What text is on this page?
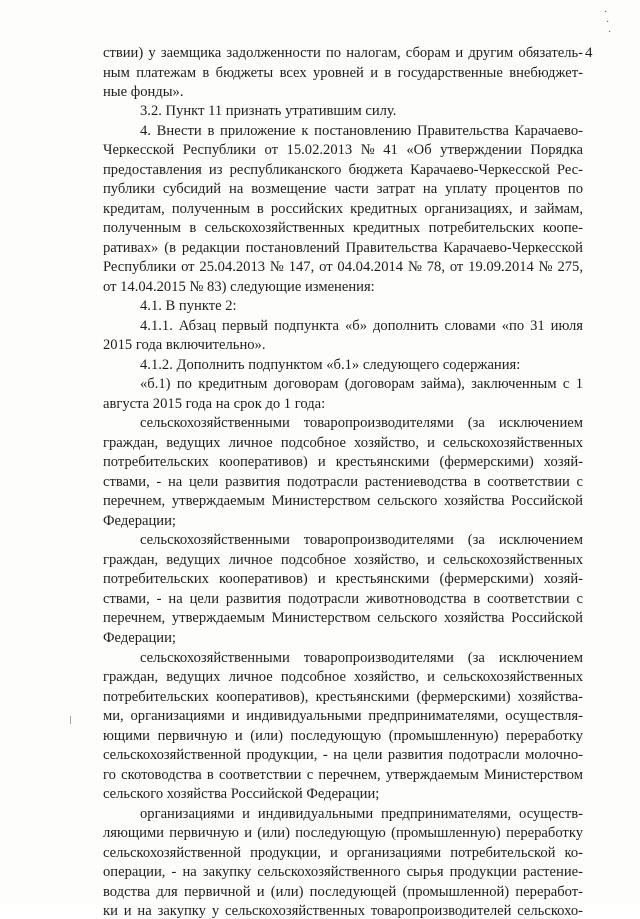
4
·
·
·
ствии) у заемщика задолженности по налогам, сборам и другим обязатель-
ным платежам в бюджеты всех уровней и в государственные внебюджет-
ные фонды».
3.2. Пункт 11 признать утратившим силу.
4. Внести в приложение к постановлению Правительства Карачаево-
Черкесской Республики от 15.02.2013 № 41 «Об утверждении Порядка
предоставления из республиканского бюджета Карачаево-Черкесской Рес-
публики субсидий на возмещение части затрат на уплату процентов по
кредитам, полученным в российских кредитных организациях, и займам,
полученным в сельскохозяйственных кредитных потребительских коопе-
ративах» (в редакции постановлений Правительства Карачаево-Черкесской
Республики от 25.04.2013 № 147, от 04.04.2014 № 78, от 19.09.2014 № 275,
от 14.04.2015 № 83) следующие изменения:
4.1. В пункте 2:
4.1.1. Абзац первый подпункта «б» дополнить словами «по 31 июля
2015 года включительно».
4.1.2. Дополнить подпунктом «б.1» следующего содержания:
«б.1) по кредитным договорам (договорам займа), заключенным с 1
августа 2015 года на срок до 1 года:
сельскохозяйственными товаропроизводителями (за исключением
граждан, ведущих личное подсобное хозяйство, и сельскохозяйственных
потребительских кооперативов) и крестьянскими (фермерскими) хозяй-
ствами, - на цели развития подотрасли растениеводства в соответствии с
перечнем, утверждаемым Министерством сельского хозяйства Российской
Федерации;
сельскохозяйственными товаропроизводителями (за исключением
граждан, ведущих личное подсобное хозяйство, и сельскохозяйственных
потребительских кооперативов) и крестьянскими (фермерскими) хозяй-
ствами, - на цели развития подотрасли животноводства в соответствии с
перечнем, утверждаемым Министерством сельского хозяйства Российской
Федерации;
сельскохозяйственными товаропроизводителями (за исключением
граждан, ведущих личное подсобное хозяйство, и сельскохозяйственных
потребительских кооперативов), крестьянскими (фермерскими) хозяйства-
ми, организациями и индивидуальными предпринимателями, осуществля-
ющими первичную и (или) последующую (промышленную) переработку
сельскохозяйственной продукции, - на цели развития подотрасли молочно-
го скотоводства в соответствии с перечнем, утверждаемым Министерством
сельского хозяйства Российской Федерации;
организациями и индивидуальными предпринимателями, осуществ-
ляющими первичную и (или) последующую (промышленную) переработку
сельскохозяйственной продукции, и организациями потребительской ко-
операции, - на закупку сельскохозяйственного сырья продукции растение-
водства для первичной и (или) последующей (промышленной) переработ-
ки и на закупку у сельскохозяйственных товаропроизводителей сельскохо-
